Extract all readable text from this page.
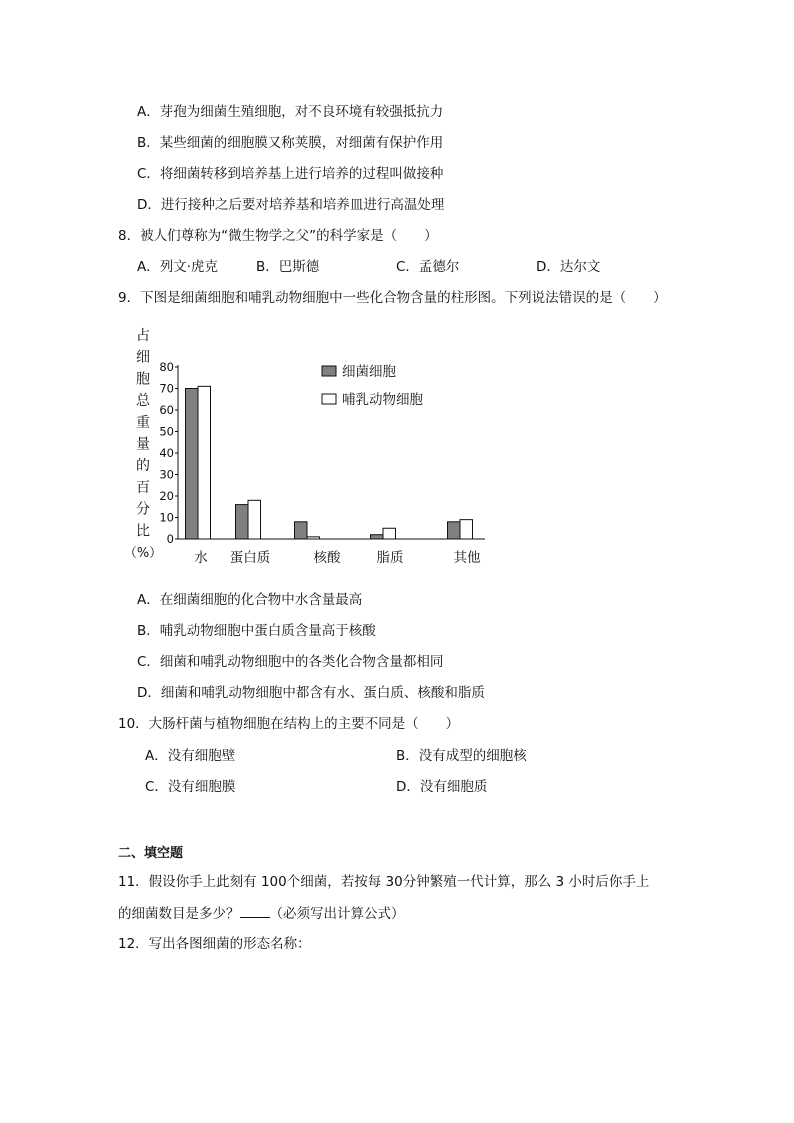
A．芽孢为细菌生殖细胞，对不良环境有较强抵抗力
B．某些细菌的细胞膜又称荚膜，对细菌有保护作用
C．将细菌转移到培养基上进行培养的过程叫做接种
D．进行接种之后要对培养基和培养皿进行高温处理
8．被人们尊称为“微生物学之父”的科学家是（　　）
A．列文·虎克	B．巴斯德	C．孟德尔	D．达尔文
9．下图是细菌细胞和哺乳动物细胞中一些化合物含量的柱形图。下列说法错误的是（　　）
占
细
胞
总
重
量
的
百
分
比
（%）
0
10
20
30
40
50
60
70
80
水 蛋白质	核酸	脂质	其他
细菌细胞
哺乳动物细胞
A．在细菌细胞的化合物中水含量最高
B．哺乳动物细胞中蛋白质含量高于核酸
C．细菌和哺乳动物细胞中的各类化合物含量都相同
D．细菌和哺乳动物细胞中都含有水、蛋白质、核酸和脂质
10．大肠杆菌与植物细胞在结构上的主要不同是（　　）
A．没有细胞壁	B．没有成型的细胞核
C．没有细胞膜	D．没有细胞质
二、填空题
11．假设你手上此刻有 100个细菌，若按每 30分钟繁殖一代计算，那么 3 小时后你手上
的细菌数目是多少？ （必须写出计算公式）
12．写出各图细菌的形态名称：
